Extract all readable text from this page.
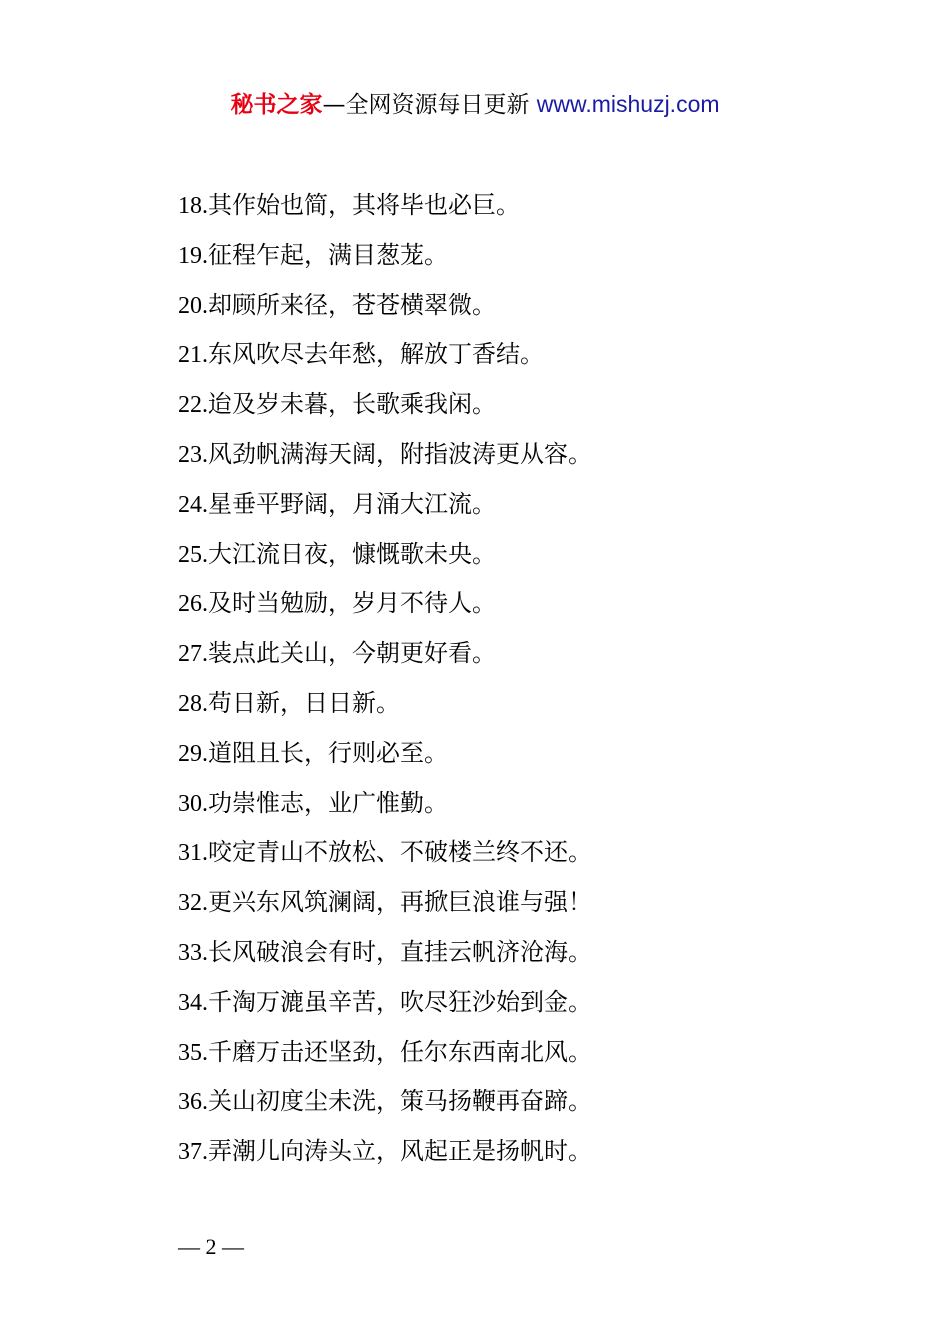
秘书之家—全网资源每日更新 www.mishuzj.com
18.其作始也简，其将毕也必巨。
19.征程乍起，满目葱茏。
20.却顾所来径，苍苍横翠微。
21.东风吹尽去年愁，解放丁香结。
22.迨及岁未暮，长歌乘我闲。
23.风劲帆满海天阔，附指波涛更从容。
24.星垂平野阔，月涌大江流。
25.大江流日夜，慷慨歌未央。
26.及时当勉励，岁月不待人。
27.装点此关山，今朝更好看。
28.苟日新，日日新。
29.道阻且长，行则必至。
30.功崇惟志，业广惟勤。
31.咬定青山不放松、不破楼兰终不还。
32.更兴东风筑澜阔，再掀巨浪谁与强！
33.长风破浪会有时，直挂云帆济沧海。
34.千淘万漉虽辛苦，吹尽狂沙始到金。
35.千磨万击还坚劲，任尔东西南北风。
36.关山初度尘未洗，策马扬鞭再奋蹄。
37.弄潮儿向涛头立，风起正是扬帆时。
— 2 —
